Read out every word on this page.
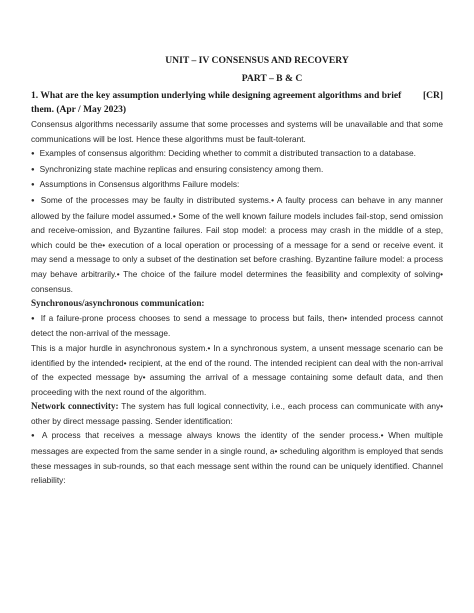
UNIT – IV CONSENSUS AND RECOVERY
PART – B & C
[CR]
1. What are the key assumption underlying while designing agreement algorithms and brief them. (Apr / May 2023)

Consensus algorithms necessarily assume that some processes and systems will be unavailable and that some communications will be lost. Hence these algorithms must be fault-tolerant.

● Examples of consensus algorithm: Deciding whether to commit a distributed transaction to a database.

● Synchronizing state machine replicas and ensuring consistency among them.

● Assumptions in Consensus algorithms Failure models:

● Some of the processes may be faulty in distributed systems.• A faulty process can behave in any manner allowed by the failure model assumed.• Some of the well known failure models includes fail-stop, send omission and receive-omission, and Byzantine failures. Fail stop model: a process may crash in the middle of a step, which could be the• execution of a local operation or processing of a message for a send or receive event. it may send a message to only a subset of the destination set before crashing. Byzantine failure model: a process may behave arbitrarily.• The choice of the failure model determines the feasibility and complexity of solving• consensus.

Synchronous/asynchronous communication:

● If a failure-prone process chooses to send a message to process but fails, then• intended process cannot detect the non-arrival of the message.

This is a major hurdle in asynchronous system.• In a synchronous system, a unsent message scenario can be identified by the intended• recipient, at the end of the round. The intended recipient can deal with the non-arrival of the expected message by• assuming the arrival of a message containing some default data, and then proceeding with the next round of the algorithm.

Network connectivity: The system has full logical connectivity, i.e., each process can communicate with any• other by direct message passing. Sender identification:

● A process that receives a message always knows the identity of the sender process.• When multiple messages are expected from the same sender in a single round, a• scheduling algorithm is employed that sends these messages in sub-rounds, so that each message sent within the round can be uniquely identified. Channel reliability:
